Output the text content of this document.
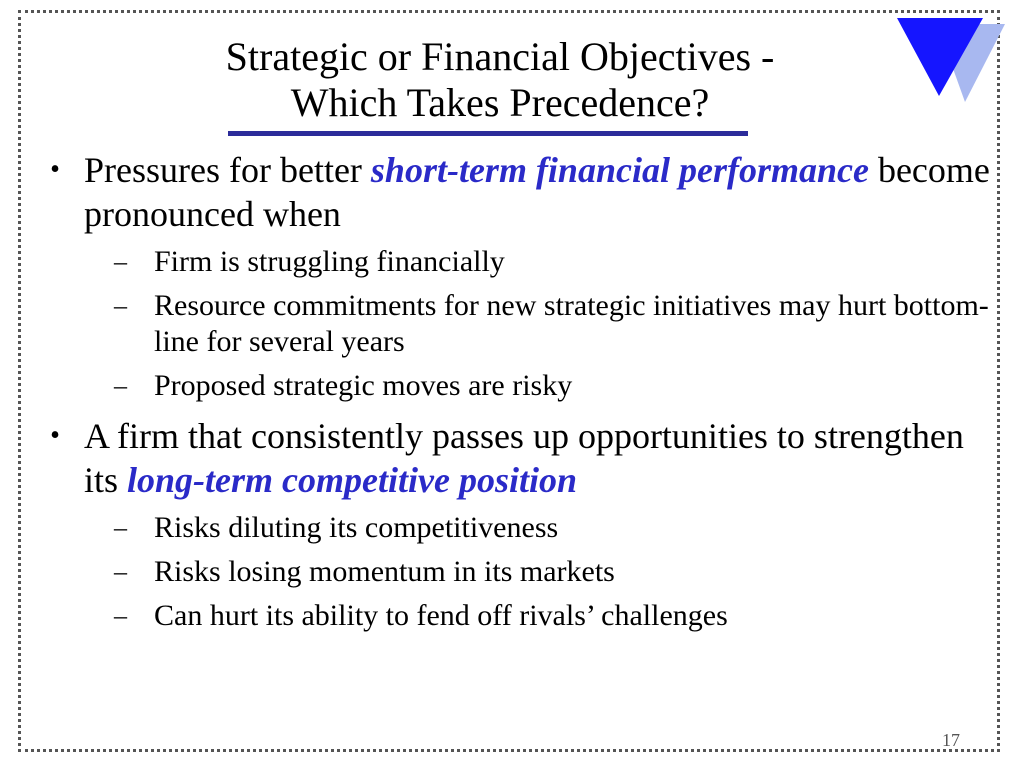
Strategic or Financial Objectives -
Which Takes Precedence?
• Pressures for better short-term financial performance become pronounced when
– Firm is struggling financially
– Resource commitments for new strategic initiatives may hurt bottom-line for several years
– Proposed strategic moves are risky
• A firm that consistently passes up opportunities to strengthen its long-term competitive position
– Risks diluting its competitiveness
– Risks losing momentum in its markets
– Can hurt its ability to fend off rivals’ challenges
17
